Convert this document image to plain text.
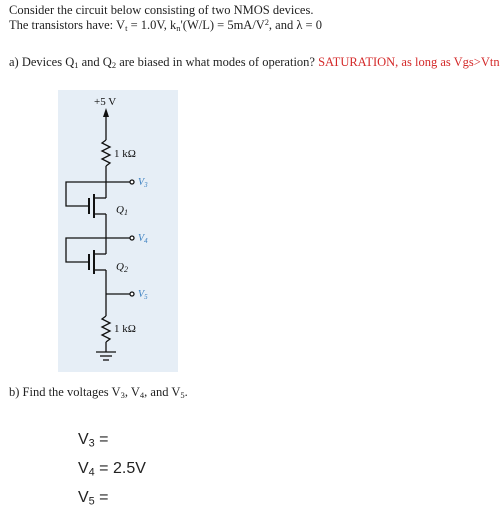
Consider the circuit below consisting of two NMOS devices.
The transistors have: $V_t = 1.0V$, $k_n'(W/L) = 5mA/V^2$, and λ = 0
a) Devices $Q_1$ and $Q_2$ are biased in what modes of operation? SATURATION, as long as Vgs>Vtn
+5 V
1 kΩ
$V_3$
Q1
$V_4$
Q2
$V_5$
1 kΩ
b) Find the voltages $V_3$, $V_4$, and $V_5$.
$V_3$ =
$V_4 = 2.5V$
$V_5$ =
